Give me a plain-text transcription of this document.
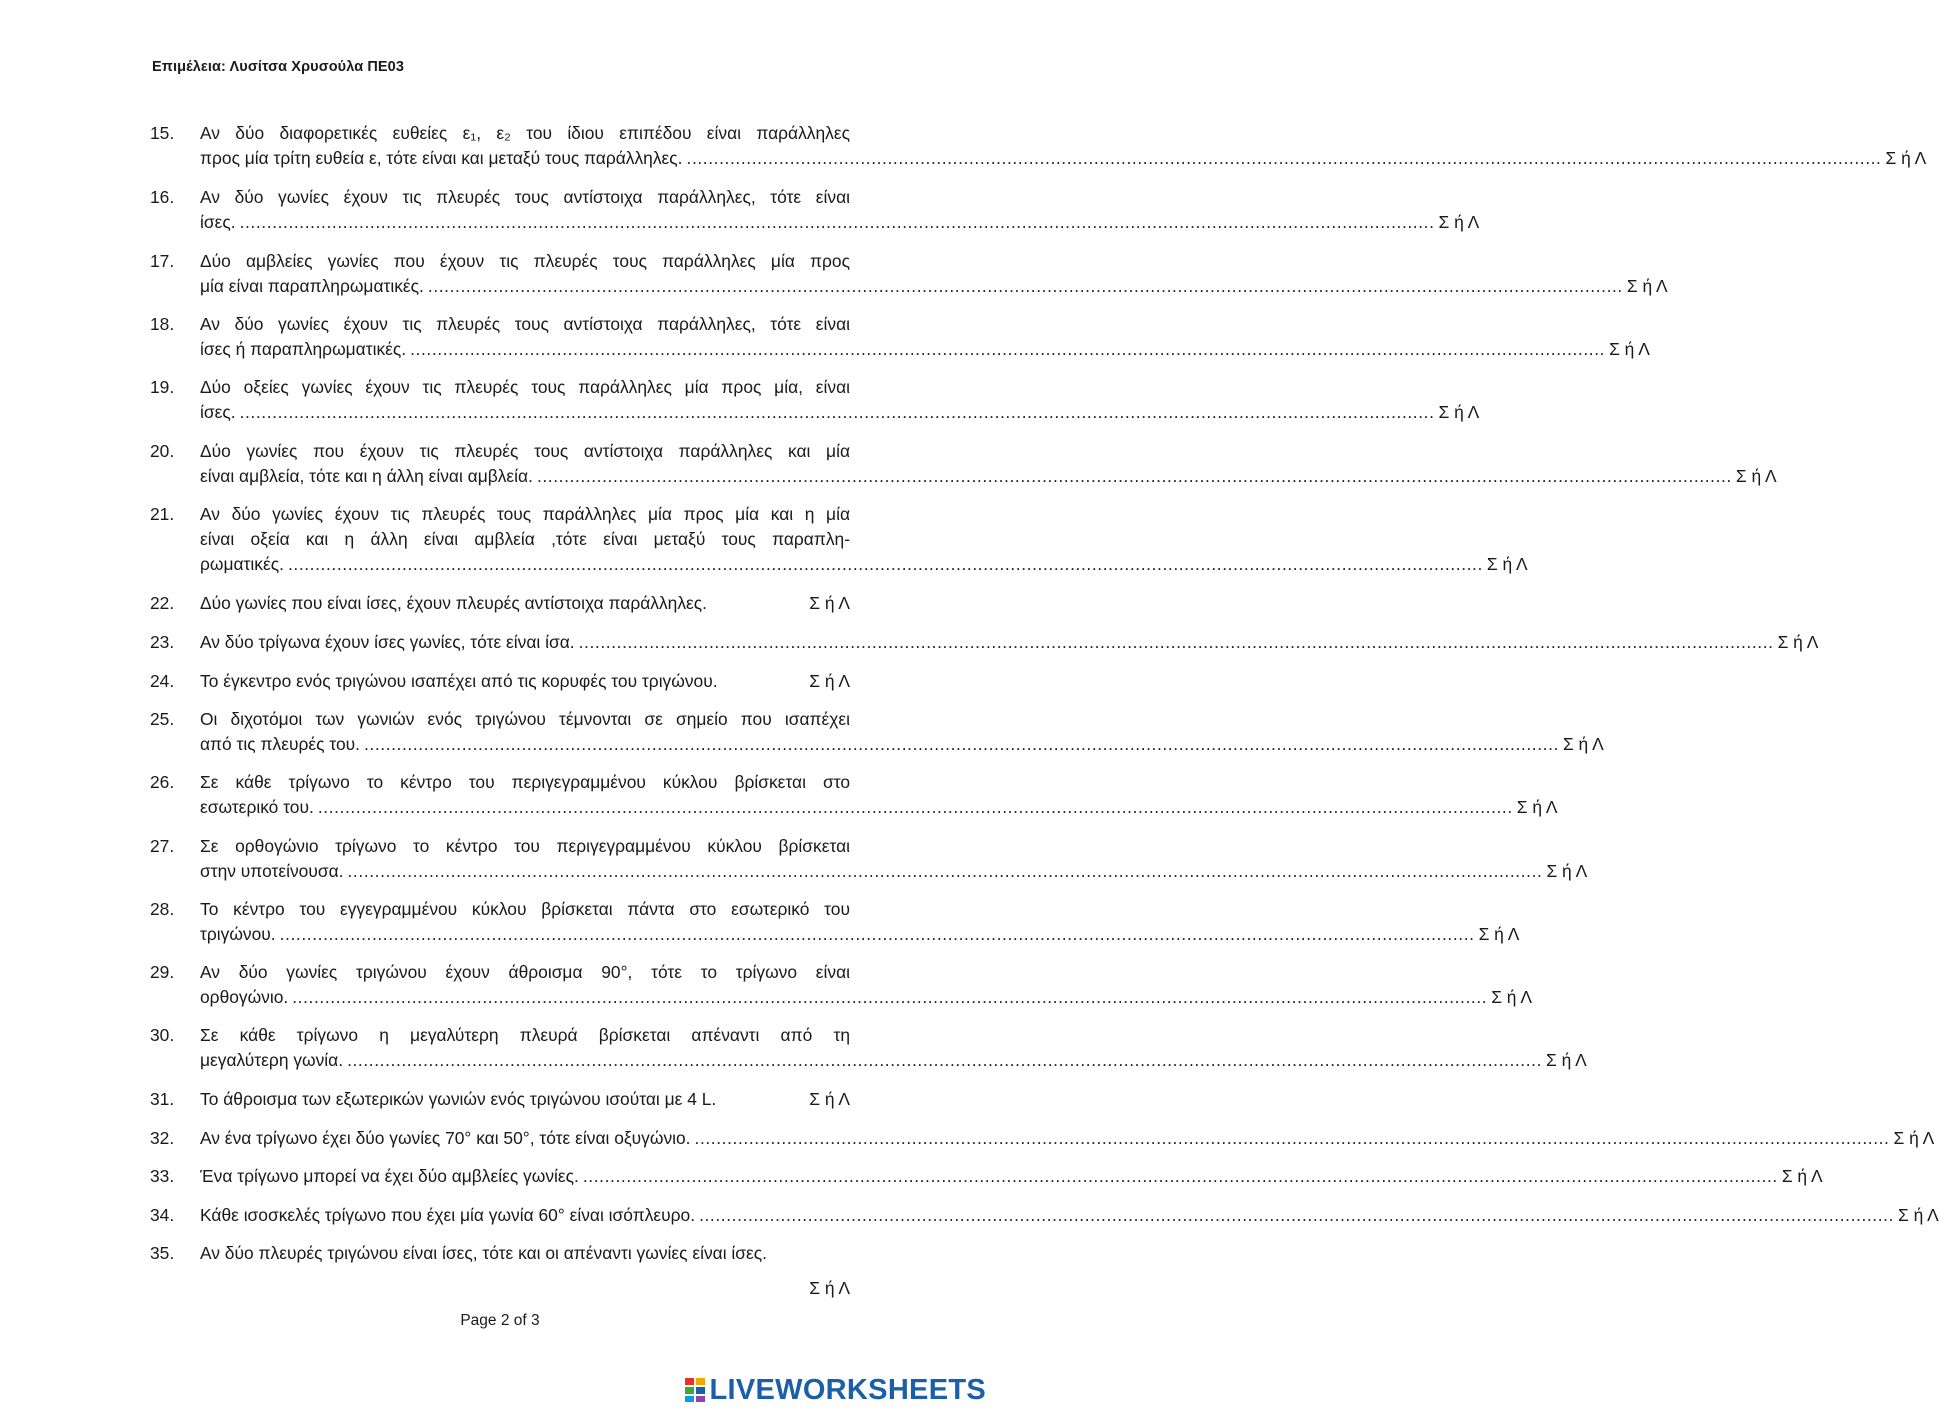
Επιμέλεια: Λυσίτσα Χρυσούλα ΠΕ03
15. Αν δύο διαφορετικές ευθείες ε₁, ε₂ του ίδιου επιπέδου είναι παράλληλες
προς μία τρίτη ευθεία ε, τότε είναι και μεταξύ τους παράλληλες. ............................................................................................................................................................................................................................ Σ ή Λ
16. Αν δύο γωνίες έχουν τις πλευρές τους αντίστοιχα παράλληλες, τότε είναι
ίσες. ............................................................................................................................................................................................................................ Σ ή Λ
17. Δύο αμβλείες γωνίες που έχουν τις πλευρές τους παράλληλες μία προς
μία είναι παραπληρωματικές. ............................................................................................................................................................................................................................ Σ ή Λ
18. Αν δύο γωνίες έχουν τις πλευρές τους αντίστοιχα παράλληλες, τότε είναι
ίσες ή παραπληρωματικές. ............................................................................................................................................................................................................................ Σ ή Λ
19. Δύο οξείες γωνίες έχουν τις πλευρές τους παράλληλες μία προς μία, είναι
ίσες. ............................................................................................................................................................................................................................ Σ ή Λ
20. Δύο γωνίες που έχουν τις πλευρές τους αντίστοιχα παράλληλες και μία
είναι αμβλεία, τότε και η άλλη είναι αμβλεία. ............................................................................................................................................................................................................................ Σ ή Λ
21. Αν δύο γωνίες έχουν τις πλευρές τους παράλληλες μία προς μία και η μία
είναι οξεία και η άλλη είναι αμβλεία ,τότε είναι μεταξύ τους παραπλη-
ρωματικές. ............................................................................................................................................................................................................................ Σ ή Λ
22. Δύο γωνίες που είναι ίσες, έχουν πλευρές αντίστοιχα παράλληλες.	Σ ή Λ
23. Αν δύο τρίγωνα έχουν ίσες γωνίες, τότε είναι ίσα. ............................................................................................................................................................................................................................ Σ ή Λ
24. Το έγκεντρο ενός τριγώνου ισαπέχει από τις κορυφές του τριγώνου.	Σ ή Λ
25. Οι διχοτόμοι των γωνιών ενός τριγώνου τέμνονται σε σημείο που ισαπέχει
από τις πλευρές του. ............................................................................................................................................................................................................................ Σ ή Λ
26. Σε κάθε τρίγωνο το κέντρο του περιγεγραμμένου κύκλου βρίσκεται στο
εσωτερικό του. ............................................................................................................................................................................................................................ Σ ή Λ
27. Σε ορθογώνιο τρίγωνο το κέντρο του περιγεγραμμένου κύκλου βρίσκεται
στην υποτείνουσα. ............................................................................................................................................................................................................................ Σ ή Λ
28. Το κέντρο του εγγεγραμμένου κύκλου βρίσκεται πάντα στο εσωτερικό του
τριγώνου. ............................................................................................................................................................................................................................ Σ ή Λ
29. Αν δύο γωνίες τριγώνου έχουν άθροισμα 90°, τότε το τρίγωνο είναι
ορθογώνιο. ............................................................................................................................................................................................................................ Σ ή Λ
30. Σε κάθε τρίγωνο η μεγαλύτερη πλευρά βρίσκεται απέναντι από τη
μεγαλύτερη γωνία. ............................................................................................................................................................................................................................ Σ ή Λ
31. Το άθροισμα των εξωτερικών γωνιών ενός τριγώνου ισούται με 4 L.	Σ ή Λ
32. Αν ένα τρίγωνο έχει δύο γωνίες 70° και 50°, τότε είναι οξυγώνιο. ............................................................................................................................................................................................................................ Σ ή Λ
33. Ένα τρίγωνο μπορεί να έχει δύο αμβλείες γωνίες. ............................................................................................................................................................................................................................ Σ ή Λ
34. Κάθε ισοσκελές τρίγωνο που έχει μία γωνία 60° είναι ισόπλευρο. ............................................................................................................................................................................................................................ Σ ή Λ
35. Αν δύο πλευρές τριγώνου είναι ίσες, τότε και οι απέναντι γωνίες είναι ίσες.
Σ ή Λ
Page 2 of 3
LIVEWORKSHEETS
